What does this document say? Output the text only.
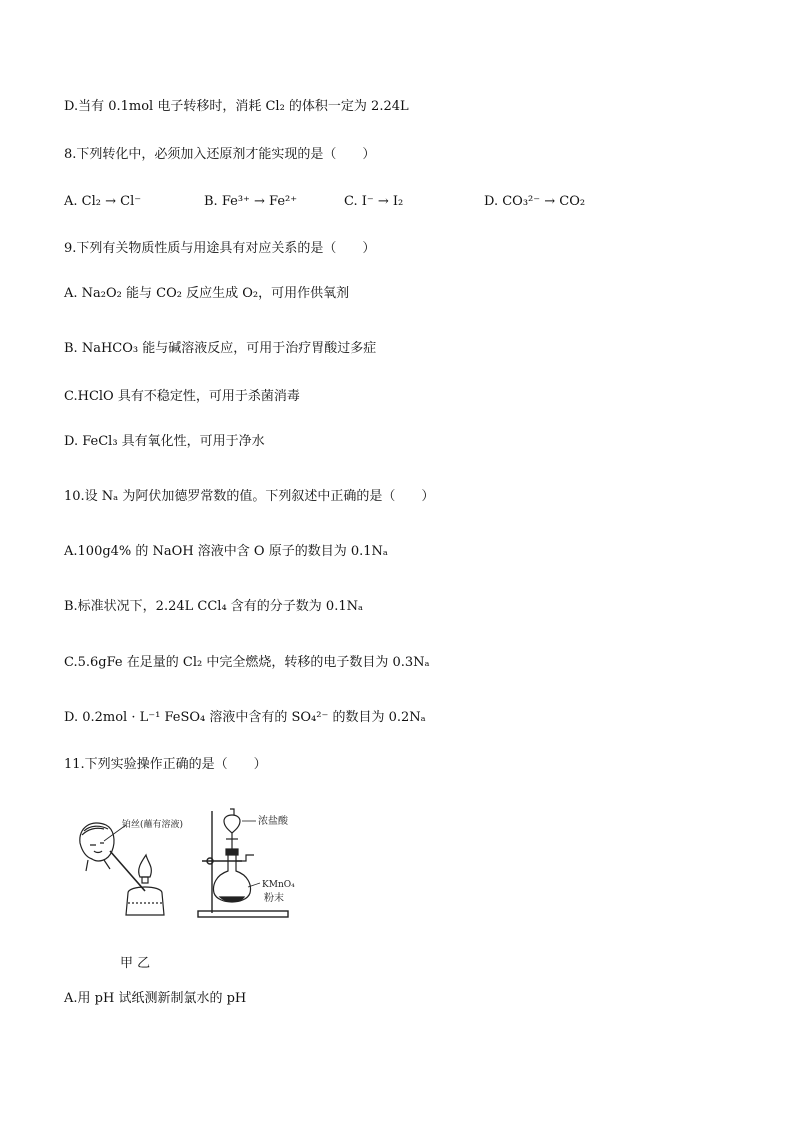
D.当有 0.1mol 电子转移时，消耗 Cl₂ 的体积一定为 2.24L
8.下列转化中，必须加入还原剂才能实现的是（　　）
A. Cl₂ → Cl⁻	B. Fe³⁺ → Fe²⁺	C. I⁻ → I₂	D. CO₃²⁻ → CO₂
9.下列有关物质性质与用途具有对应关系的是（　　）
A. Na₂O₂ 能与 CO₂ 反应生成 O₂，可用作供氧剂
B. NaHCO₃ 能与碱溶液反应，可用于治疗胃酸过多症
C.HClO 具有不稳定性，可用于杀菌消毒
D. FeCl₃ 具有氧化性，可用于净水
10.设 Nₐ 为阿伏加德罗常数的值。下列叙述中正确的是（　　）
A.100g4% 的 NaOH 溶液中含 O 原子的数目为 0.1Nₐ
B.标准状况下，2.24L CCl₄ 含有的分子数为 0.1Nₐ
C.5.6gFe 在足量的 Cl₂ 中完全燃烧，转移的电子数目为 0.3Nₐ
D. 0.2mol · L⁻¹ FeSO₄ 溶液中含有的 SO₄²⁻ 的数目为 0.2Nₐ
11.下列实验操作正确的是（　　）
铂丝(蘸有溶液)	浓盐酸
KMnO₄
粉末
甲 乙
A.用 pH 试纸测新制氯水的 pH
